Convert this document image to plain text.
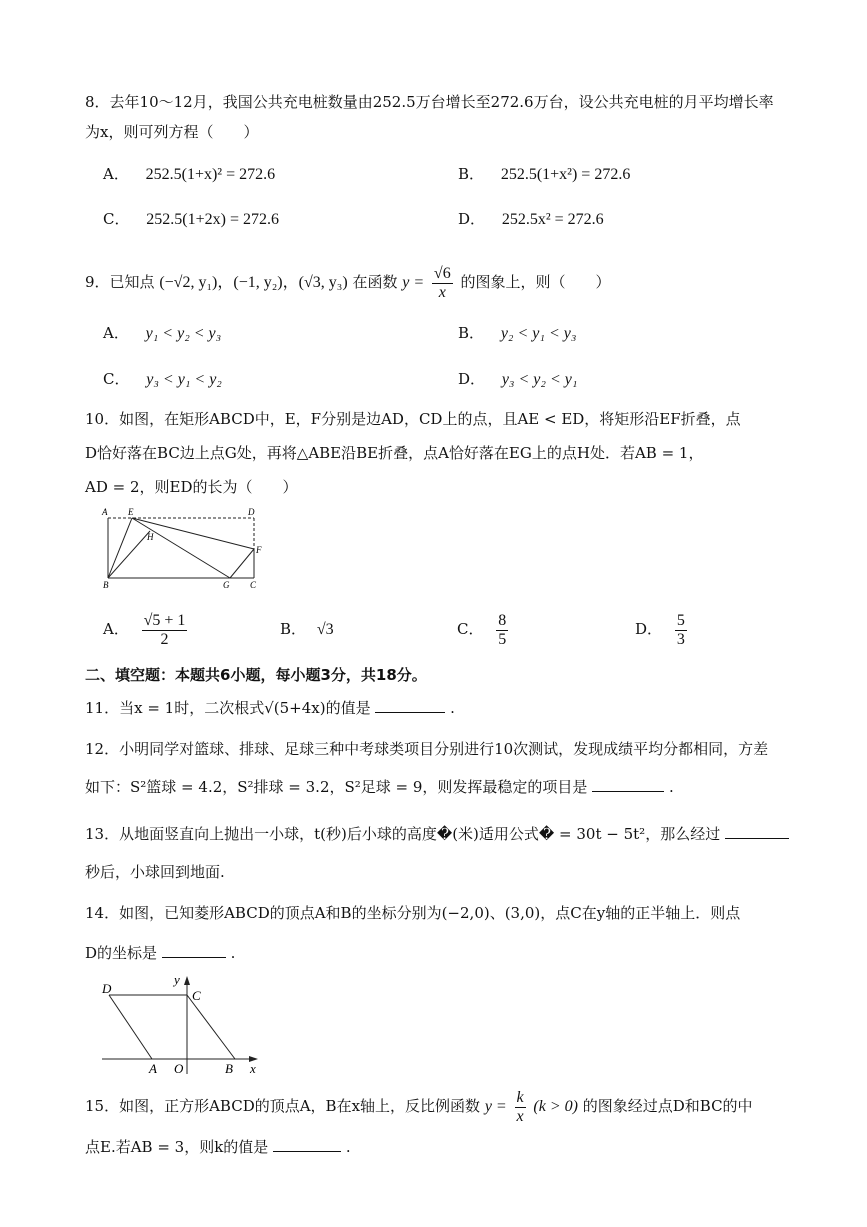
8．去年10～12月，我国公共充电桩数量由252.5万台增长至272.6万台，设公共充电桩的月平均增长率
为x，则可列方程（　　）
A． 252.5(1+x)² = 272.6	B． 252.5(1+x²) = 272.6
C． 252.5(1+2x) = 272.6	D． 252.5x² = 272.6
9．已知点 (−√2, y₁)，(−1, y₂)，(√3, y₃) 在函数 $y = \frac{√6}{x}$ 的图象上，则（　　）
A． y₁ < y₂ < y₃	B． y₂ < y₁ < y₃
C． y₃ < y₁ < y₂	D． y₃ < y₂ < y₁
10．如图，在矩形ABCD中，E，F分别是边AD，CD上的点，且AE < ED，将矩形沿EF折叠，点
D恰好落在BC边上点G处，再将△ABE沿BE折叠，点A恰好落在EG上的点H处．若AB = 1，
AD = 2，则ED的长为（　　）
A E	D
H
F
B	G C
A． $\frac{√5 + 1}{2}$	B． √3	C． $\frac{8}{5}$	D． $\frac{5}{3}$
二、填空题：本题共6小题，每小题3分，共18分。
11．当x = 1时，二次根式√(5+4x)的值是	.
12．小明同学对篮球、排球、足球三种中考球类项目分别进行10次测试，发现成绩平均分都相同，方差
如下：S²篮球 = 4.2，S²排球 = 3.2，S²足球 = 9，则发挥最稳定的项目是	.
13．从地面竖直向上抛出一小球，t(秒)后小球的高度�(米)适用公式� = 30t − 5t²，那么经过
秒后，小球回到地面.
14．如图，已知菱形ABCD的顶点A和B的坐标分别为(−2,0)、(3,0)，点C在y轴的正半轴上．则点
D的坐标是	.
D
y
C
A O	B x
15．如图，正方形ABCD的顶点A，B在x轴上，反比例函数 $y = \frac{k}{x} (k > 0)$ 的图象经过点D和BC的中
点E.若AB = 3，则k的值是	.
